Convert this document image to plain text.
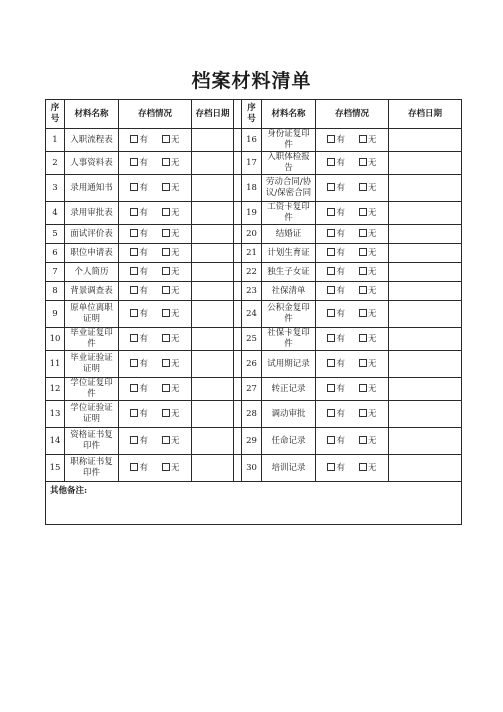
档案材料清单
序号	材料名称	存档情况	存档日期		序号	材料名称	存档情况	存档日期
1	入职流程表	有 无			16	身份证复印件	有 无	
2	人事资料表	有 无			17	入职体检报告	有 无	
3	录用通知书	有 无			18	劳动合同/协议/保密合同	有 无	
4	录用审批表	有 无			19	工资卡复印件	有 无	
5	面试评价表	有 无			20	结婚证	有 无	
6	职位申请表	有 无			21	计划生育证	有 无	
7	个人简历	有 无			22	独生子女证	有 无	
8	背景调查表	有 无			23	社保清单	有 无	
9	原单位离职证明	有 无			24	公积金复印件	有 无	
10	毕业证复印件	有 无			25	社保卡复印件	有 无	
11	毕业证验证证明	有 无			26	试用期记录	有 无	
12	学位证复印件	有 无			27	转正记录	有 无	
13	学位证验证证明	有 无			28	调动审批	有 无	
14	资格证书复印件	有 无			29	任命记录	有 无	
15	职称证书复印件	有 无			30	培训记录	有 无	
其他备注:								
